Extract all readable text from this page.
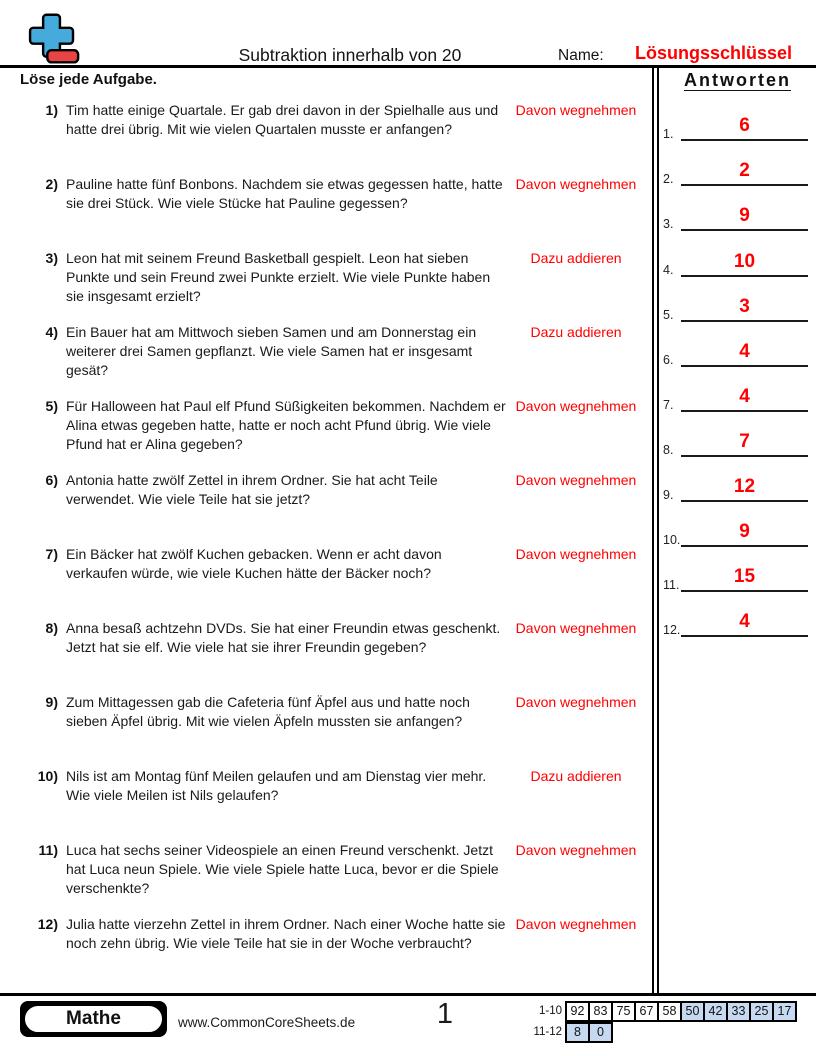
Subtraktion innerhalb von 20	Name: Lösungsschlüssel
Löse jede Aufgabe.	Antworten
1) Tim hatte einige Quartale. Er gab drei davon in der Spielhalle aus und hatte drei übrig. Mit wie vielen Quartalen musste er anfangen?
Davon wegnehmen
2) Pauline hatte fünf Bonbons. Nachdem sie etwas gegessen hatte, hatte sie drei Stück. Wie viele Stücke hat Pauline gegessen?
Davon wegnehmen
3) Leon hat mit seinem Freund Basketball gespielt. Leon hat sieben Punkte und sein Freund zwei Punkte erzielt. Wie viele Punkte haben sie insgesamt erzielt?
Dazu addieren
4) Ein Bauer hat am Mittwoch sieben Samen und am Donnerstag ein weiterer drei Samen gepflanzt. Wie viele Samen hat er insgesamt gesät?
Dazu addieren
5) Für Halloween hat Paul elf Pfund Süßigkeiten bekommen. Nachdem er Alina etwas gegeben hatte, hatte er noch acht Pfund übrig. Wie viele Pfund hat er Alina gegeben?
Davon wegnehmen
6) Antonia hatte zwölf Zettel in ihrem Ordner. Sie hat acht Teile verwendet. Wie viele Teile hat sie jetzt?
Davon wegnehmen
7) Ein Bäcker hat zwölf Kuchen gebacken. Wenn er acht davon verkaufen würde, wie viele Kuchen hätte der Bäcker noch?
Davon wegnehmen
8) Anna besaß achtzehn DVDs. Sie hat einer Freundin etwas geschenkt. Jetzt hat sie elf. Wie viele hat sie ihrer Freundin gegeben?
Davon wegnehmen
9) Zum Mittagessen gab die Cafeteria fünf Äpfel aus und hatte noch sieben Äpfel übrig. Mit wie vielen Äpfeln mussten sie anfangen?
Davon wegnehmen
10) Nils ist am Montag fünf Meilen gelaufen und am Dienstag vier mehr. Wie viele Meilen ist Nils gelaufen?
Dazu addieren
11) Luca hat sechs seiner Videospiele an einen Freund verschenkt. Jetzt hat Luca neun Spiele. Wie viele Spiele hatte Luca, bevor er die Spiele verschenkte?
Davon wegnehmen
12) Julia hatte vierzehn Zettel in ihrem Ordner. Nach einer Woche hatte sie noch zehn übrig. Wie viele Teile hat sie in der Woche verbraucht?
Davon wegnehmen
1.	6
2.	2
3.	9
4.	10
5.	3
6.	4
7.	4
8.	7
9.	12
10.	9
11.	15
12.	4
Mathe	www.CommonCoreSheets.de	1	1-10 92 83 75 67 58 50 42 33 25 17
11-12 8	0
